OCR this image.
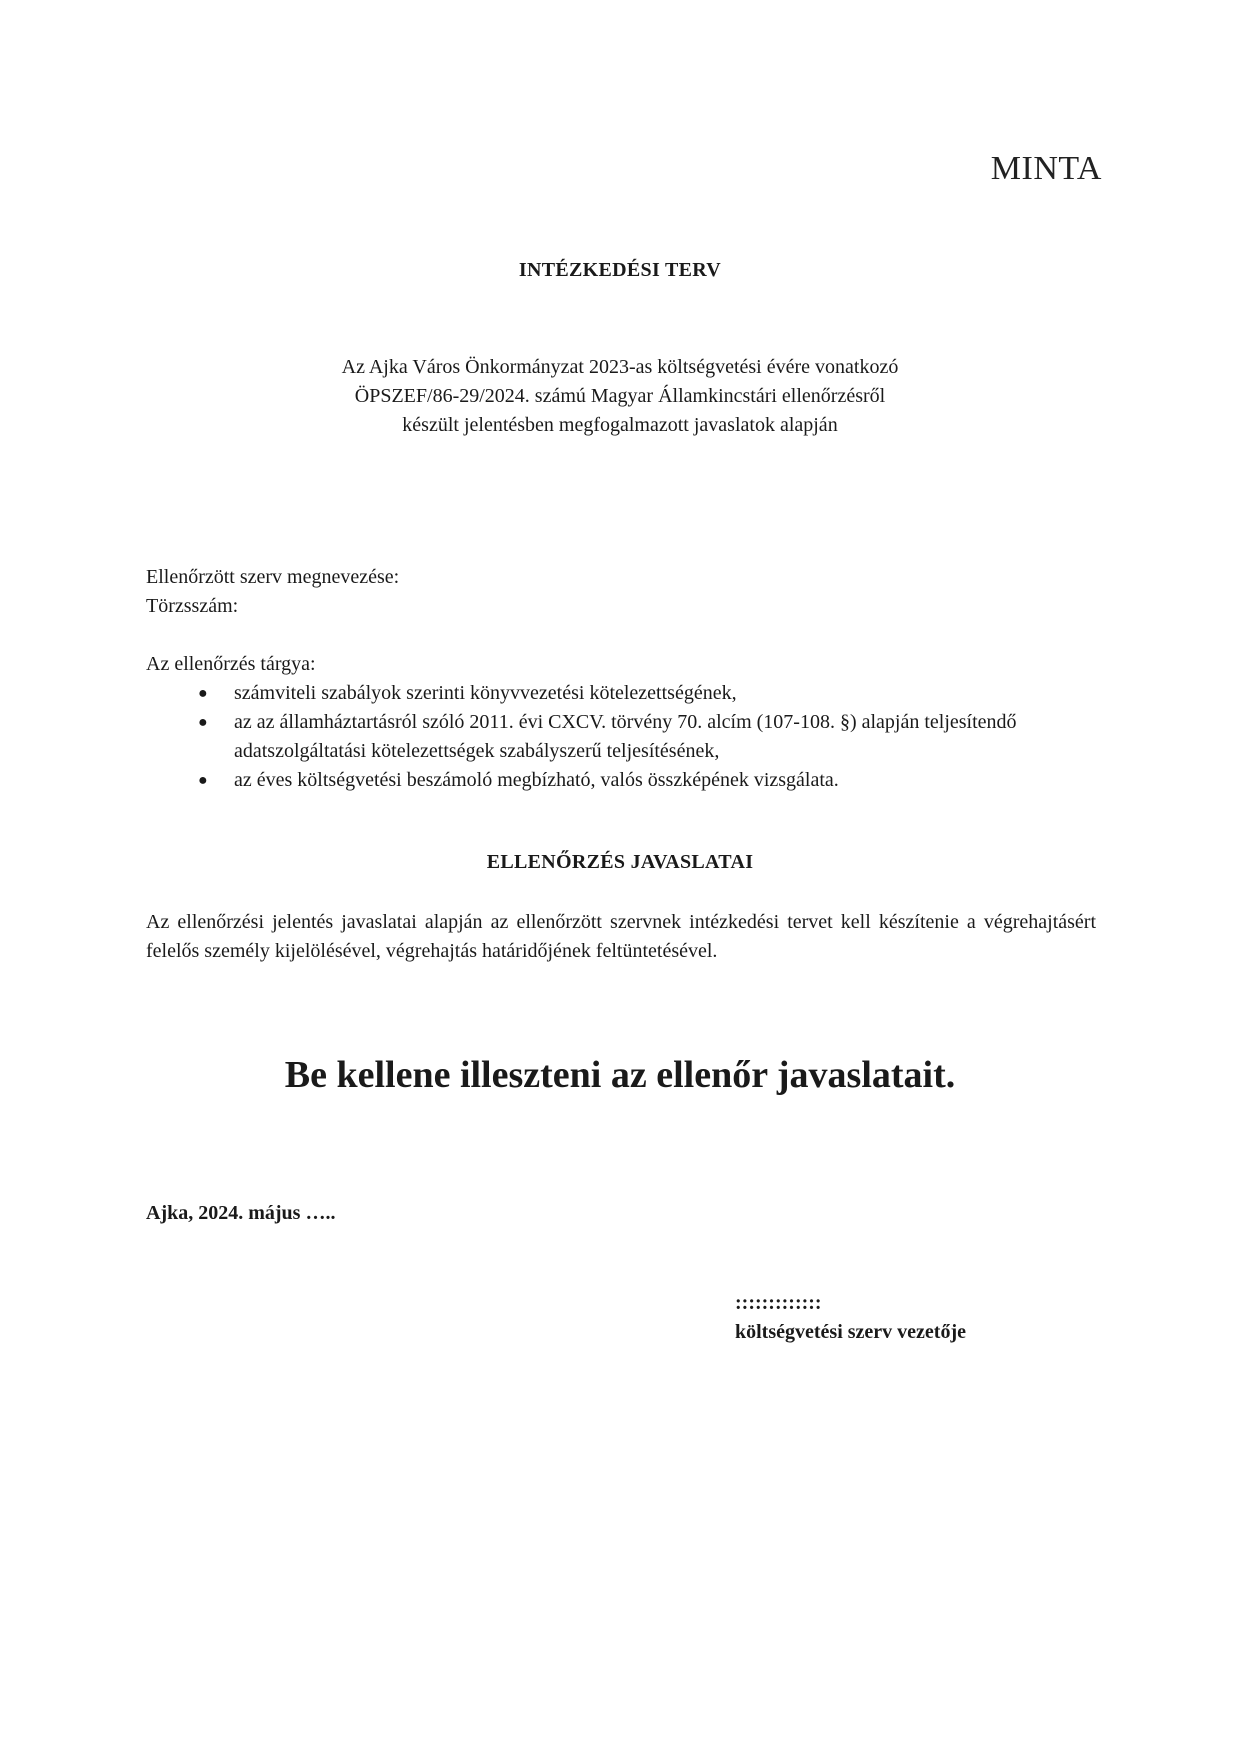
MINTA
INTÉZKEDÉSI TERV
Az Ajka Város Önkormányzat 2023-as költségvetési évére vonatkozó
ÖPSZEF/86-29/2024. számú Magyar Államkincstári ellenőrzésről
készült jelentésben megfogalmazott javaslatok alapján
Ellenőrzött szerv megnevezése:
Törzsszám:
Az ellenőrzés tárgya:
● számviteli szabályok szerinti könyvvezetési kötelezettségének,
● az az államháztartásról szóló 2011. évi CXCV. törvény 70. alcím (107-108. §) alapján teljesítendő adatszolgáltatási kötelezettségek szabályszerű teljesítésének,
● az éves költségvetési beszámoló megbízható, valós összképének vizsgálata.
ELLENŐRZÉS JAVASLATAI
Az ellenőrzési jelentés javaslatai alapján az ellenőrzött szervnek intézkedési tervet kell készítenie a végrehajtásért felelős személy kijelölésével, végrehajtás határidőjének feltüntetésével.
Be kellene illeszteni az ellenőr javaslatait.
Ajka, 2024. május …..
:::::::::::::
költségvetési szerv vezetője
